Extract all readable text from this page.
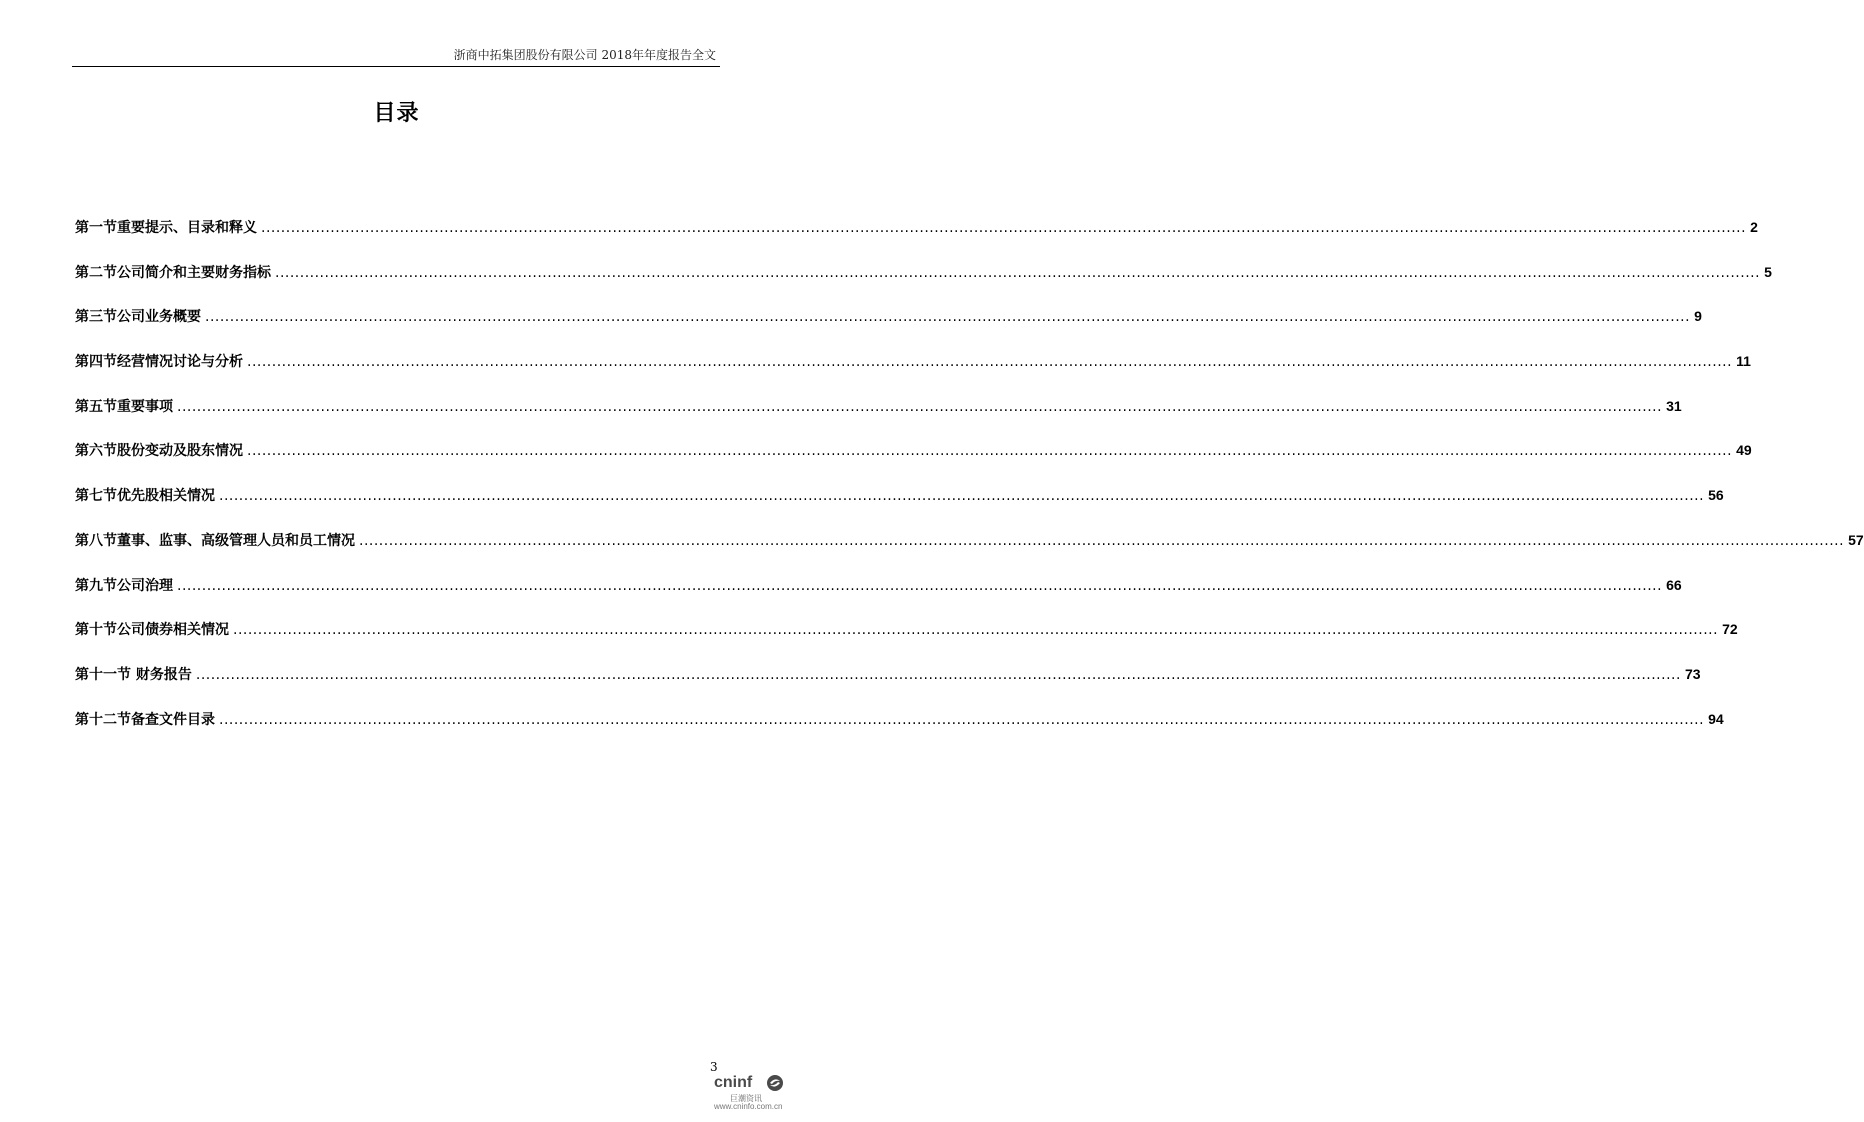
浙商中拓集团股份有限公司 2018年年度报告全文
目录
第一节重要提示、目录和释义 ............................................................................................................................................................................................................................................................................................................ 2
第二节公司简介和主要财务指标 ............................................................................................................................................................................................................................................................................................................ 5
第三节公司业务概要 ............................................................................................................................................................................................................................................................................................................ 9
第四节经营情况讨论与分析 ............................................................................................................................................................................................................................................................................................................ 11
第五节重要事项 ............................................................................................................................................................................................................................................................................................................ 31
第六节股份变动及股东情况 ............................................................................................................................................................................................................................................................................................................ 49
第七节优先股相关情况 ............................................................................................................................................................................................................................................................................................................ 56
第八节董事、监事、高级管理人员和员工情况 ............................................................................................................................................................................................................................................................................................................ 57
第九节公司治理 ............................................................................................................................................................................................................................................................................................................ 66
第十节公司债券相关情况 ............................................................................................................................................................................................................................................................................................................ 72
第十一节 财务报告 ............................................................................................................................................................................................................................................................................................................ 73
第十二节备查文件目录 ............................................................................................................................................................................................................................................................................................................ 94
3
cninf
巨潮资讯
www.cninfo.com.cn
